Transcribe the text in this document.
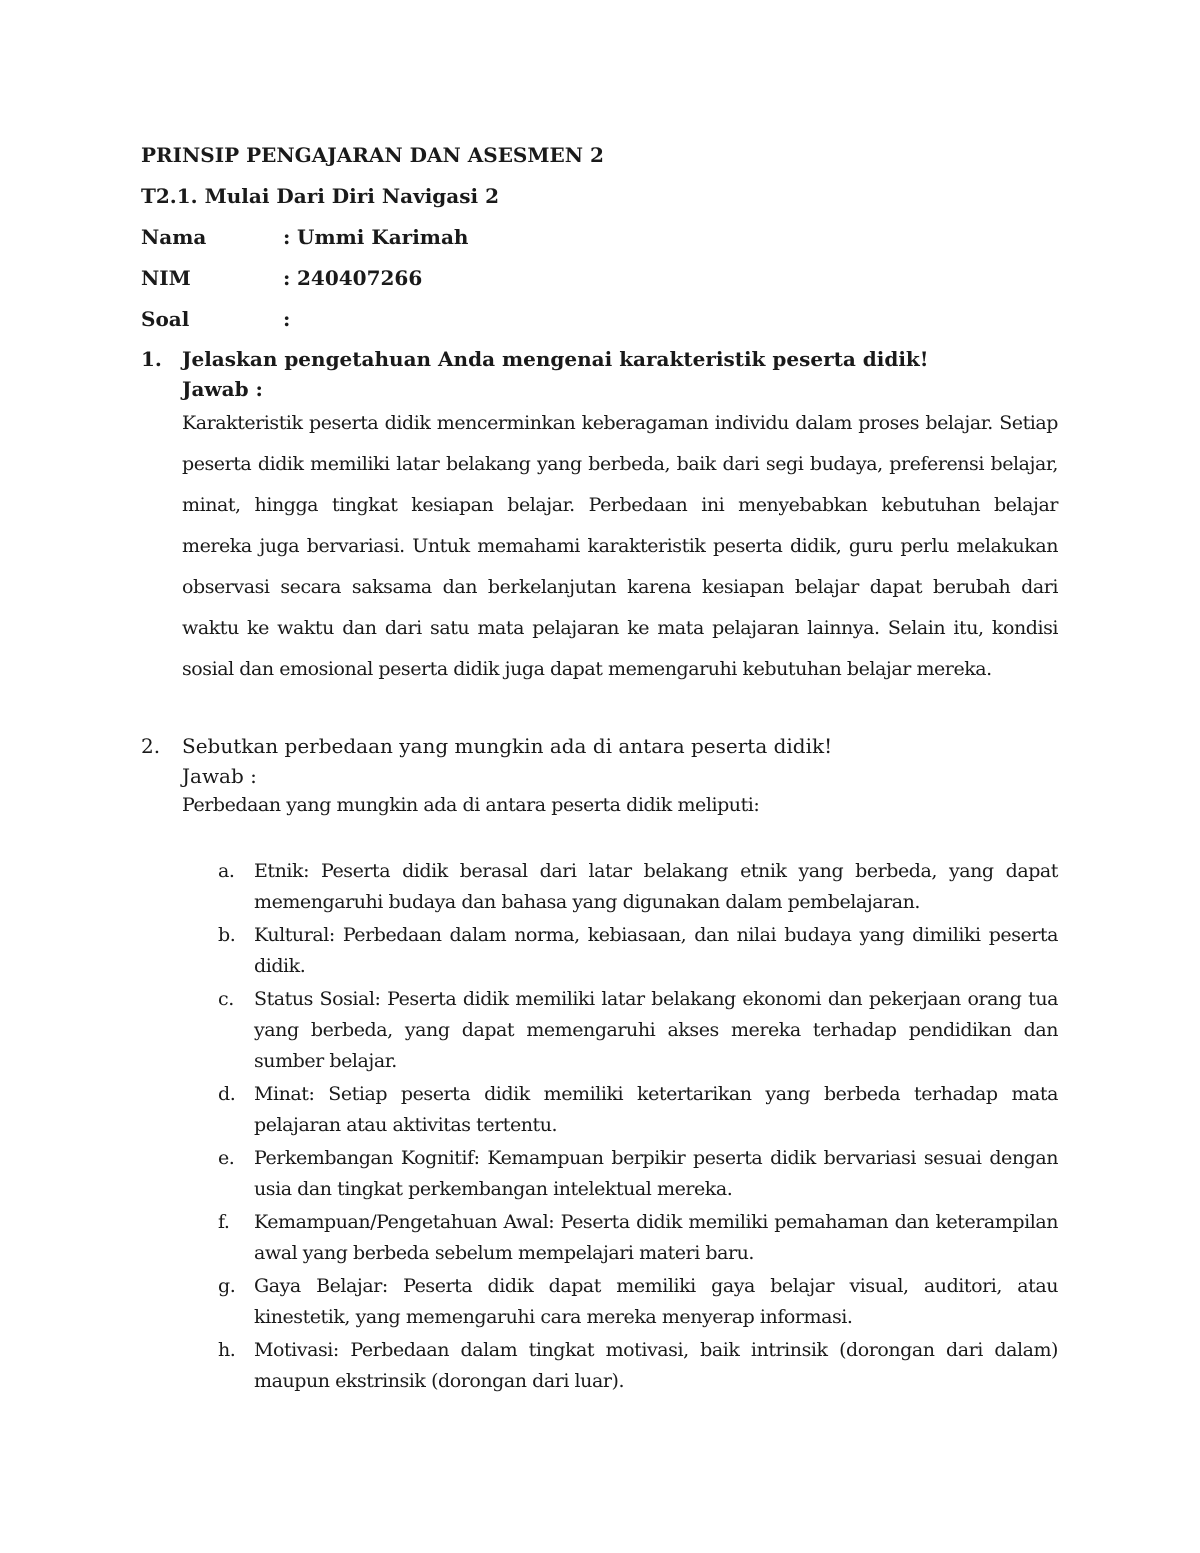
PRINSIP PENGAJARAN DAN ASESMEN 2
T2.1. Mulai Dari Diri Navigasi 2
Nama	: Ummi Karimah
NIM	: 240407266
Soal	:
1. Jelaskan pengetahuan Anda mengenai karakteristik peserta didik!
Jawab :
Karakteristik peserta didik mencerminkan keberagaman individu dalam proses belajar. Setiap peserta didik memiliki latar belakang yang berbeda, baik dari segi budaya, preferensi belajar, minat, hingga tingkat kesiapan belajar. Perbedaan ini menyebabkan kebutuhan belajar mereka juga bervariasi. Untuk memahami karakteristik peserta didik, guru perlu melakukan observasi secara saksama dan berkelanjutan karena kesiapan belajar dapat berubah dari waktu ke waktu dan dari satu mata pelajaran ke mata pelajaran lainnya. Selain itu, kondisi sosial dan emosional peserta didik juga dapat memengaruhi kebutuhan belajar mereka.
2. Sebutkan perbedaan yang mungkin ada di antara peserta didik!
Jawab :
Perbedaan yang mungkin ada di antara peserta didik meliputi:
a. Etnik: Peserta didik berasal dari latar belakang etnik yang berbeda, yang dapat memengaruhi budaya dan bahasa yang digunakan dalam pembelajaran.
b. Kultural: Perbedaan dalam norma, kebiasaan, dan nilai budaya yang dimiliki peserta didik.
c. Status Sosial: Peserta didik memiliki latar belakang ekonomi dan pekerjaan orang tua yang berbeda, yang dapat memengaruhi akses mereka terhadap pendidikan dan sumber belajar.
d. Minat: Setiap peserta didik memiliki ketertarikan yang berbeda terhadap mata pelajaran atau aktivitas tertentu.
e. Perkembangan Kognitif: Kemampuan berpikir peserta didik bervariasi sesuai dengan usia dan tingkat perkembangan intelektual mereka.
f. Kemampuan/Pengetahuan Awal: Peserta didik memiliki pemahaman dan keterampilan awal yang berbeda sebelum mempelajari materi baru.
g. Gaya Belajar: Peserta didik dapat memiliki gaya belajar visual, auditori, atau kinestetik, yang memengaruhi cara mereka menyerap informasi.
h. Motivasi: Perbedaan dalam tingkat motivasi, baik intrinsik (dorongan dari dalam) maupun ekstrinsik (dorongan dari luar).
